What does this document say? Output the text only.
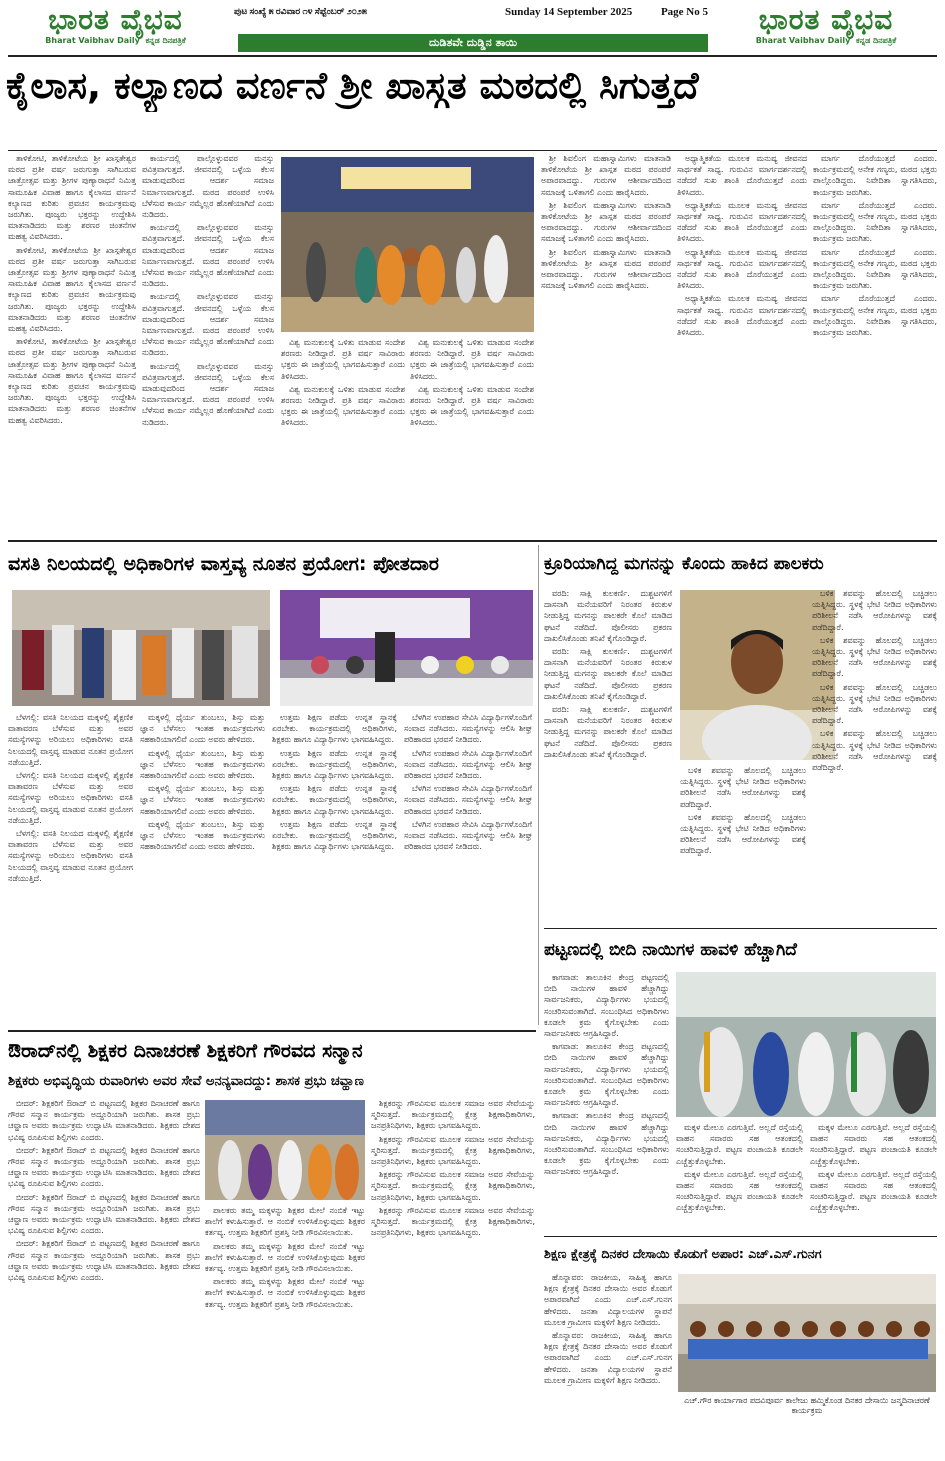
ಭಾರತ ವೈಭವ
Bharat Vaibhav Daily ಕನ್ನಡ ದಿನಪತ್ರಿಕೆ
ಪುಟ ಸಂಖ್ಯೆ ೫ ರವಿವಾರ ೧೪ ಸೆಪ್ಟೆಂಬರ್ ೨೦೨೫	Sunday 14 September 2025	Page No 5
ದುಡಿತವೇ ದುಡ್ಡಿನ ತಾಯಿ
ಭಾರತ ವೈಭವ
Bharat Vaibhav Daily ಕನ್ನಡ ದಿನಪತ್ರಿಕೆ
ಕೈಲಾಸ, ಕಲ್ಯಾಣದ ವರ್ಣನೆ ಶ್ರೀ ಖಾಸ್ಗತ ಮಠದಲ್ಲಿ ಸಿಗುತ್ತದೆ

ತಾಳಿಕೋಟಿ, ತಾಳಿಕೋಟೆಯ ಶ್ರೀ ಖಾಸ್ಗತೇಶ್ವರ ಮಠದ ಪ್ರತೀ ವರ್ಷ ಜರುಗುತ್ತಾ ಸಾಗಿಬರುವ ಜಾತ್ರೋತ್ಸವ ಮತ್ತು ಶ್ರೀಗಳ ಪುಣ್ಯಾರಾಧನೆ ನಿಮಿತ್ತ ಸಾಮೂಹಿಕ ವಿವಾಹ ಹಾಗೂ ಕೈಲಾಸದ ವರ್ಣನೆ ಕಲ್ಯಾಣದ ಕುರಿತು ಪ್ರವಚನ ಕಾರ್ಯಕ್ರಮವು ಜರುಗಿತು. ಪೂಜ್ಯರು ಭಕ್ತರನ್ನು ಉದ್ದೇಶಿಸಿ ಮಾತನಾಡಿದರು ಮತ್ತು ಶರಣರ ಚಿಂತನೆಗಳ ಮಹತ್ವ ವಿವರಿಸಿದರು.

ತಾಳಿಕೋಟಿ, ತಾಳಿಕೋಟೆಯ ಶ್ರೀ ಖಾಸ್ಗತೇಶ್ವರ ಮಠದ ಪ್ರತೀ ವರ್ಷ ಜರುಗುತ್ತಾ ಸಾಗಿಬರುವ ಜಾತ್ರೋತ್ಸವ ಮತ್ತು ಶ್ರೀಗಳ ಪುಣ್ಯಾರಾಧನೆ ನಿಮಿತ್ತ ಸಾಮೂಹಿಕ ವಿವಾಹ ಹಾಗೂ ಕೈಲಾಸದ ವರ್ಣನೆ ಕಲ್ಯಾಣದ ಕುರಿತು ಪ್ರವಚನ ಕಾರ್ಯಕ್ರಮವು ಜರುಗಿತು. ಪೂಜ್ಯರು ಭಕ್ತರನ್ನು ಉದ್ದೇಶಿಸಿ ಮಾತನಾಡಿದರು ಮತ್ತು ಶರಣರ ಚಿಂತನೆಗಳ ಮಹತ್ವ ವಿವರಿಸಿದರು.

ತಾಳಿಕೋಟಿ, ತಾಳಿಕೋಟೆಯ ಶ್ರೀ ಖಾಸ್ಗತೇಶ್ವರ ಮಠದ ಪ್ರತೀ ವರ್ಷ ಜರುಗುತ್ತಾ ಸಾಗಿಬರುವ ಜಾತ್ರೋತ್ಸವ ಮತ್ತು ಶ್ರೀಗಳ ಪುಣ್ಯಾರಾಧನೆ ನಿಮಿತ್ತ ಸಾಮೂಹಿಕ ವಿವಾಹ ಹಾಗೂ ಕೈಲಾಸದ ವರ್ಣನೆ ಕಲ್ಯಾಣದ ಕುರಿತು ಪ್ರವಚನ ಕಾರ್ಯಕ್ರಮವು ಜರುಗಿತು. ಪೂಜ್ಯರು ಭಕ್ತರನ್ನು ಉದ್ದೇಶಿಸಿ ಮಾತನಾಡಿದರು ಮತ್ತು ಶರಣರ ಚಿಂತನೆಗಳ ಮಹತ್ವ ವಿವರಿಸಿದರು.

ಕಾರ್ಯದಲ್ಲಿ ಪಾಲ್ಗೊಳ್ಳುವವರ ಮನಸ್ಸು ಪವಿತ್ರವಾಗುತ್ತದೆ. ಜೀವನದಲ್ಲಿ ಒಳ್ಳೆಯ ಕೆಲಸ ಮಾಡುವುದರಿಂದ ಆದರ್ಶ ಸಮಾಜ ನಿರ್ಮಾಣವಾಗುತ್ತದೆ. ಮಠದ ಪರಂಪರೆ ಉಳಿಸಿ ಬೆಳೆಸುವ ಕಾರ್ಯ ನಮ್ಮೆಲ್ಲರ ಹೊಣೆಯಾಗಿದೆ ಎಂದು ನುಡಿದರು.

ಕಾರ್ಯದಲ್ಲಿ ಪಾಲ್ಗೊಳ್ಳುವವರ ಮನಸ್ಸು ಪವಿತ್ರವಾಗುತ್ತದೆ. ಜೀವನದಲ್ಲಿ ಒಳ್ಳೆಯ ಕೆಲಸ ಮಾಡುವುದರಿಂದ ಆದರ್ಶ ಸಮಾಜ ನಿರ್ಮಾಣವಾಗುತ್ತದೆ. ಮಠದ ಪರಂಪರೆ ಉಳಿಸಿ ಬೆಳೆಸುವ ಕಾರ್ಯ ನಮ್ಮೆಲ್ಲರ ಹೊಣೆಯಾಗಿದೆ ಎಂದು ನುಡಿದರು.

ಕಾರ್ಯದಲ್ಲಿ ಪಾಲ್ಗೊಳ್ಳುವವರ ಮನಸ್ಸು ಪವಿತ್ರವಾಗುತ್ತದೆ. ಜೀವನದಲ್ಲಿ ಒಳ್ಳೆಯ ಕೆಲಸ ಮಾಡುವುದರಿಂದ ಆದರ್ಶ ಸಮಾಜ ನಿರ್ಮಾಣವಾಗುತ್ತದೆ. ಮಠದ ಪರಂಪರೆ ಉಳಿಸಿ ಬೆಳೆಸುವ ಕಾರ್ಯ ನಮ್ಮೆಲ್ಲರ ಹೊಣೆಯಾಗಿದೆ ಎಂದು ನುಡಿದರು.

ಕಾರ್ಯದಲ್ಲಿ ಪಾಲ್ಗೊಳ್ಳುವವರ ಮನಸ್ಸು ಪವಿತ್ರವಾಗುತ್ತದೆ. ಜೀವನದಲ್ಲಿ ಒಳ್ಳೆಯ ಕೆಲಸ ಮಾಡುವುದರಿಂದ ಆದರ್ಶ ಸಮಾಜ ನಿರ್ಮಾಣವಾಗುತ್ತದೆ. ಮಠದ ಪರಂಪರೆ ಉಳಿಸಿ ಬೆಳೆಸುವ ಕಾರ್ಯ ನಮ್ಮೆಲ್ಲರ ಹೊಣೆಯಾಗಿದೆ ಎಂದು ನುಡಿದರು.

ವಿಶ್ವ ಮನುಕುಲಕ್ಕೆ ಒಳಿತು ಮಾಡುವ ಸಂದೇಶ ಶರಣರು ನೀಡಿದ್ದಾರೆ. ಪ್ರತಿ ವರ್ಷ ಸಾವಿರಾರು ಭಕ್ತರು ಈ ಜಾತ್ರೆಯಲ್ಲಿ ಭಾಗವಹಿಸುತ್ತಾರೆ ಎಂದು ತಿಳಿಸಿದರು.

ವಿಶ್ವ ಮನುಕುಲಕ್ಕೆ ಒಳಿತು ಮಾಡುವ ಸಂದೇಶ ಶರಣರು ನೀಡಿದ್ದಾರೆ. ಪ್ರತಿ ವರ್ಷ ಸಾವಿರಾರು ಭಕ್ತರು ಈ ಜಾತ್ರೆಯಲ್ಲಿ ಭಾಗವಹಿಸುತ್ತಾರೆ ಎಂದು ತಿಳಿಸಿದರು.

ವಿಶ್ವ ಮನುಕುಲಕ್ಕೆ ಒಳಿತು ಮಾಡುವ ಸಂದೇಶ ಶರಣರು ನೀಡಿದ್ದಾರೆ. ಪ್ರತಿ ವರ್ಷ ಸಾವಿರಾರು ಭಕ್ತರು ಈ ಜಾತ್ರೆಯಲ್ಲಿ ಭಾಗವಹಿಸುತ್ತಾರೆ ಎಂದು ತಿಳಿಸಿದರು.

ವಿಶ್ವ ಮನುಕುಲಕ್ಕೆ ಒಳಿತು ಮಾಡುವ ಸಂದೇಶ ಶರಣರು ನೀಡಿದ್ದಾರೆ. ಪ್ರತಿ ವರ್ಷ ಸಾವಿರಾರು ಭಕ್ತರು ಈ ಜಾತ್ರೆಯಲ್ಲಿ ಭಾಗವಹಿಸುತ್ತಾರೆ ಎಂದು ತಿಳಿಸಿದರು.

ಶ್ರೀ ಶಿವಲಿಂಗ ಮಹಾಸ್ವಾಮಿಗಳು ಮಾತನಾಡಿ ತಾಳಿಕೋಟೆಯ ಶ್ರೀ ಖಾಸ್ಗತ ಮಠದ ಪರಂಪರೆ ಅಪಾರವಾದದ್ದು. ಗುರುಗಳ ಆಶೀರ್ವಾದದಿಂದ ಸಮಾಜಕ್ಕೆ ಒಳಿತಾಗಲಿ ಎಂದು ಹಾರೈಸಿದರು.

ಶ್ರೀ ಶಿವಲಿಂಗ ಮಹಾಸ್ವಾಮಿಗಳು ಮಾತನಾಡಿ ತಾಳಿಕೋಟೆಯ ಶ್ರೀ ಖಾಸ್ಗತ ಮಠದ ಪರಂಪರೆ ಅಪಾರವಾದದ್ದು. ಗುರುಗಳ ಆಶೀರ್ವಾದದಿಂದ ಸಮಾಜಕ್ಕೆ ಒಳಿತಾಗಲಿ ಎಂದು ಹಾರೈಸಿದರು.

ಶ್ರೀ ಶಿವಲಿಂಗ ಮಹಾಸ್ವಾಮಿಗಳು ಮಾತನಾಡಿ ತಾಳಿಕೋಟೆಯ ಶ್ರೀ ಖಾಸ್ಗತ ಮಠದ ಪರಂಪರೆ ಅಪಾರವಾದದ್ದು. ಗುರುಗಳ ಆಶೀರ್ವಾದದಿಂದ ಸಮಾಜಕ್ಕೆ ಒಳಿತಾಗಲಿ ಎಂದು ಹಾರೈಸಿದರು.

ಅಧ್ಯಾತ್ಮಿಕತೆಯ ಮೂಲಕ ಮನುಷ್ಯ ಜೀವನದ ಸಾರ್ಥಕತೆ ಸಾಧ್ಯ. ಗುರುವಿನ ಮಾರ್ಗದರ್ಶನದಲ್ಲಿ ನಡೆದರೆ ಸುಖ ಶಾಂತಿ ದೊರೆಯುತ್ತದೆ ಎಂದು ತಿಳಿಸಿದರು.

ಅಧ್ಯಾತ್ಮಿಕತೆಯ ಮೂಲಕ ಮನುಷ್ಯ ಜೀವನದ ಸಾರ್ಥಕತೆ ಸಾಧ್ಯ. ಗುರುವಿನ ಮಾರ್ಗದರ್ಶನದಲ್ಲಿ ನಡೆದರೆ ಸುಖ ಶಾಂತಿ ದೊರೆಯುತ್ತದೆ ಎಂದು ತಿಳಿಸಿದರು.

ಅಧ್ಯಾತ್ಮಿಕತೆಯ ಮೂಲಕ ಮನುಷ್ಯ ಜೀವನದ ಸಾರ್ಥಕತೆ ಸಾಧ್ಯ. ಗುರುವಿನ ಮಾರ್ಗದರ್ಶನದಲ್ಲಿ ನಡೆದರೆ ಸುಖ ಶಾಂತಿ ದೊರೆಯುತ್ತದೆ ಎಂದು ತಿಳಿಸಿದರು.

ಅಧ್ಯಾತ್ಮಿಕತೆಯ ಮೂಲಕ ಮನುಷ್ಯ ಜೀವನದ ಸಾರ್ಥಕತೆ ಸಾಧ್ಯ. ಗುರುವಿನ ಮಾರ್ಗದರ್ಶನದಲ್ಲಿ ನಡೆದರೆ ಸುಖ ಶಾಂತಿ ದೊರೆಯುತ್ತದೆ ಎಂದು ತಿಳಿಸಿದರು.

ಮಾರ್ಗ ದೊರೆಯುತ್ತದೆ ಎಂದರು. ಕಾರ್ಯಕ್ರಮದಲ್ಲಿ ಅನೇಕ ಗಣ್ಯರು, ಮಠದ ಭಕ್ತರು ಪಾಲ್ಗೊಂಡಿದ್ದರು. ನಿವೇದಿತಾ ಸ್ವಾಗತಿಸಿದರು, ಕಾರ್ಯಕ್ರಮ ಜರುಗಿತು.

ಮಾರ್ಗ ದೊರೆಯುತ್ತದೆ ಎಂದರು. ಕಾರ್ಯಕ್ರಮದಲ್ಲಿ ಅನೇಕ ಗಣ್ಯರು, ಮಠದ ಭಕ್ತರು ಪಾಲ್ಗೊಂಡಿದ್ದರು. ನಿವೇದಿತಾ ಸ್ವಾಗತಿಸಿದರು, ಕಾರ್ಯಕ್ರಮ ಜರುಗಿತು.

ಮಾರ್ಗ ದೊರೆಯುತ್ತದೆ ಎಂದರು. ಕಾರ್ಯಕ್ರಮದಲ್ಲಿ ಅನೇಕ ಗಣ್ಯರು, ಮಠದ ಭಕ್ತರು ಪಾಲ್ಗೊಂಡಿದ್ದರು. ನಿವೇದಿತಾ ಸ್ವಾಗತಿಸಿದರು, ಕಾರ್ಯಕ್ರಮ ಜರುಗಿತು.

ಮಾರ್ಗ ದೊರೆಯುತ್ತದೆ ಎಂದರು. ಕಾರ್ಯಕ್ರಮದಲ್ಲಿ ಅನೇಕ ಗಣ್ಯರು, ಮಠದ ಭಕ್ತರು ಪಾಲ್ಗೊಂಡಿದ್ದರು. ನಿವೇದಿತಾ ಸ್ವಾಗತಿಸಿದರು, ಕಾರ್ಯಕ್ರಮ ಜರುಗಿತು.

ವಸತಿ ನಿಲಯದಲ್ಲಿ ಅಧಿಕಾರಿಗಳ ವಾಸ್ತವ್ಯ ನೂತನ ಪ್ರಯೋಗ: ಪೋತದಾರ

ಬೆಳಗಲ್ಲಿ: ವಸತಿ ನಿಲಯದ ಮಕ್ಕಳಲ್ಲಿ ಶೈಕ್ಷಣಿಕ ವಾತಾವರಣ ಬೆಳೆಸುವ ಮತ್ತು ಅವರ ಸಮಸ್ಯೆಗಳನ್ನು ಅರಿಯಲು ಅಧಿಕಾರಿಗಳು ವಸತಿ ನಿಲಯದಲ್ಲಿ ವಾಸ್ತವ್ಯ ಮಾಡುವ ನೂತನ ಪ್ರಯೋಗ ನಡೆಯುತ್ತಿದೆ.

ಬೆಳಗಲ್ಲಿ: ವಸತಿ ನಿಲಯದ ಮಕ್ಕಳಲ್ಲಿ ಶೈಕ್ಷಣಿಕ ವಾತಾವರಣ ಬೆಳೆಸುವ ಮತ್ತು ಅವರ ಸಮಸ್ಯೆಗಳನ್ನು ಅರಿಯಲು ಅಧಿಕಾರಿಗಳು ವಸತಿ ನಿಲಯದಲ್ಲಿ ವಾಸ್ತವ್ಯ ಮಾಡುವ ನೂತನ ಪ್ರಯೋಗ ನಡೆಯುತ್ತಿದೆ.

ಬೆಳಗಲ್ಲಿ: ವಸತಿ ನಿಲಯದ ಮಕ್ಕಳಲ್ಲಿ ಶೈಕ್ಷಣಿಕ ವಾತಾವರಣ ಬೆಳೆಸುವ ಮತ್ತು ಅವರ ಸಮಸ್ಯೆಗಳನ್ನು ಅರಿಯಲು ಅಧಿಕಾರಿಗಳು ವಸತಿ ನಿಲಯದಲ್ಲಿ ವಾಸ್ತವ್ಯ ಮಾಡುವ ನೂತನ ಪ್ರಯೋಗ ನಡೆಯುತ್ತಿದೆ.

ಮಕ್ಕಳಲ್ಲಿ ಧೈರ್ಯ ತುಂಬಲು, ಶಿಸ್ತು ಮತ್ತು ಜ್ಞಾನ ಬೆಳೆಸಲು ಇಂತಹ ಕಾರ್ಯಕ್ರಮಗಳು ಸಹಕಾರಿಯಾಗಲಿವೆ ಎಂದು ಅವರು ಹೇಳಿದರು.

ಮಕ್ಕಳಲ್ಲಿ ಧೈರ್ಯ ತುಂಬಲು, ಶಿಸ್ತು ಮತ್ತು ಜ್ಞಾನ ಬೆಳೆಸಲು ಇಂತಹ ಕಾರ್ಯಕ್ರಮಗಳು ಸಹಕಾರಿಯಾಗಲಿವೆ ಎಂದು ಅವರು ಹೇಳಿದರು.

ಮಕ್ಕಳಲ್ಲಿ ಧೈರ್ಯ ತುಂಬಲು, ಶಿಸ್ತು ಮತ್ತು ಜ್ಞಾನ ಬೆಳೆಸಲು ಇಂತಹ ಕಾರ್ಯಕ್ರಮಗಳು ಸಹಕಾರಿಯಾಗಲಿವೆ ಎಂದು ಅವರು ಹೇಳಿದರು.

ಮಕ್ಕಳಲ್ಲಿ ಧೈರ್ಯ ತುಂಬಲು, ಶಿಸ್ತು ಮತ್ತು ಜ್ಞಾನ ಬೆಳೆಸಲು ಇಂತಹ ಕಾರ್ಯಕ್ರಮಗಳು ಸಹಕಾರಿಯಾಗಲಿವೆ ಎಂದು ಅವರು ಹೇಳಿದರು.

ಉತ್ತಮ ಶಿಕ್ಷಣ ಪಡೆದು ಉನ್ನತ ಸ್ಥಾನಕ್ಕೆ ಏರಬೇಕು. ಕಾರ್ಯಕ್ರಮದಲ್ಲಿ ಅಧಿಕಾರಿಗಳು, ಶಿಕ್ಷಕರು ಹಾಗೂ ವಿದ್ಯಾರ್ಥಿಗಳು ಭಾಗವಹಿಸಿದ್ದರು.

ಉತ್ತಮ ಶಿಕ್ಷಣ ಪಡೆದು ಉನ್ನತ ಸ್ಥಾನಕ್ಕೆ ಏರಬೇಕು. ಕಾರ್ಯಕ್ರಮದಲ್ಲಿ ಅಧಿಕಾರಿಗಳು, ಶಿಕ್ಷಕರು ಹಾಗೂ ವಿದ್ಯಾರ್ಥಿಗಳು ಭಾಗವಹಿಸಿದ್ದರು.

ಉತ್ತಮ ಶಿಕ್ಷಣ ಪಡೆದು ಉನ್ನತ ಸ್ಥಾನಕ್ಕೆ ಏರಬೇಕು. ಕಾರ್ಯಕ್ರಮದಲ್ಲಿ ಅಧಿಕಾರಿಗಳು, ಶಿಕ್ಷಕರು ಹಾಗೂ ವಿದ್ಯಾರ್ಥಿಗಳು ಭಾಗವಹಿಸಿದ್ದರು.

ಉತ್ತಮ ಶಿಕ್ಷಣ ಪಡೆದು ಉನ್ನತ ಸ್ಥಾನಕ್ಕೆ ಏರಬೇಕು. ಕಾರ್ಯಕ್ರಮದಲ್ಲಿ ಅಧಿಕಾರಿಗಳು, ಶಿಕ್ಷಕರು ಹಾಗೂ ವಿದ್ಯಾರ್ಥಿಗಳು ಭಾಗವಹಿಸಿದ್ದರು.

ಬೆಳಗಿನ ಉಪಹಾರ ಸೇವಿಸಿ ವಿದ್ಯಾರ್ಥಿಗಳೊಂದಿಗೆ ಸಂವಾದ ನಡೆಸಿದರು. ಸಮಸ್ಯೆಗಳನ್ನು ಆಲಿಸಿ ಶೀಘ್ರ ಪರಿಹಾರದ ಭರವಸೆ ನೀಡಿದರು.

ಬೆಳಗಿನ ಉಪಹಾರ ಸೇವಿಸಿ ವಿದ್ಯಾರ್ಥಿಗಳೊಂದಿಗೆ ಸಂವಾದ ನಡೆಸಿದರು. ಸಮಸ್ಯೆಗಳನ್ನು ಆಲಿಸಿ ಶೀಘ್ರ ಪರಿಹಾರದ ಭರವಸೆ ನೀಡಿದರು.

ಬೆಳಗಿನ ಉಪಹಾರ ಸೇವಿಸಿ ವಿದ್ಯಾರ್ಥಿಗಳೊಂದಿಗೆ ಸಂವಾದ ನಡೆಸಿದರು. ಸಮಸ್ಯೆಗಳನ್ನು ಆಲಿಸಿ ಶೀಘ್ರ ಪರಿಹಾರದ ಭರವಸೆ ನೀಡಿದರು.

ಬೆಳಗಿನ ಉಪಹಾರ ಸೇವಿಸಿ ವಿದ್ಯಾರ್ಥಿಗಳೊಂದಿಗೆ ಸಂವಾದ ನಡೆಸಿದರು. ಸಮಸ್ಯೆಗಳನ್ನು ಆಲಿಸಿ ಶೀಘ್ರ ಪರಿಹಾರದ ಭರವಸೆ ನೀಡಿದರು.

ಕ್ರೂರಿಯಾಗಿದ್ದ ಮಗನನ್ನು ಕೊಂದು ಹಾಕಿದ ಪಾಲಕರು

ವರದಿ: ಸಾಕ್ಷಿ ಕುಲಕರ್ಣಿ. ದುಶ್ಚಟಗಳಿಗೆ ದಾಸನಾಗಿ ಮನೆಯವರಿಗೆ ನಿರಂತರ ಕಿರುಕುಳ ನೀಡುತ್ತಿದ್ದ ಮಗನನ್ನು ಪಾಲಕರೇ ಕೊಲೆ ಮಾಡಿದ ಘಟನೆ ನಡೆದಿದೆ. ಪೊಲೀಸರು ಪ್ರಕರಣ ದಾಖಲಿಸಿಕೊಂಡು ತನಿಖೆ ಕೈಗೊಂಡಿದ್ದಾರೆ.

ವರದಿ: ಸಾಕ್ಷಿ ಕುಲಕರ್ಣಿ. ದುಶ್ಚಟಗಳಿಗೆ ದಾಸನಾಗಿ ಮನೆಯವರಿಗೆ ನಿರಂತರ ಕಿರುಕುಳ ನೀಡುತ್ತಿದ್ದ ಮಗನನ್ನು ಪಾಲಕರೇ ಕೊಲೆ ಮಾಡಿದ ಘಟನೆ ನಡೆದಿದೆ. ಪೊಲೀಸರು ಪ್ರಕರಣ ದಾಖಲಿಸಿಕೊಂಡು ತನಿಖೆ ಕೈಗೊಂಡಿದ್ದಾರೆ.

ವರದಿ: ಸಾಕ್ಷಿ ಕುಲಕರ್ಣಿ. ದುಶ್ಚಟಗಳಿಗೆ ದಾಸನಾಗಿ ಮನೆಯವರಿಗೆ ನಿರಂತರ ಕಿರುಕುಳ ನೀಡುತ್ತಿದ್ದ ಮಗನನ್ನು ಪಾಲಕರೇ ಕೊಲೆ ಮಾಡಿದ ಘಟನೆ ನಡೆದಿದೆ. ಪೊಲೀಸರು ಪ್ರಕರಣ ದಾಖಲಿಸಿಕೊಂಡು ತನಿಖೆ ಕೈಗೊಂಡಿದ್ದಾರೆ.

ಬಳಿಕ ಶವವನ್ನು ಹೊಲದಲ್ಲಿ ಬಚ್ಚಿಡಲು ಯತ್ನಿಸಿದ್ದರು. ಸ್ಥಳಕ್ಕೆ ಭೇಟಿ ನೀಡಿದ ಅಧಿಕಾರಿಗಳು ಪರಿಶೀಲನೆ ನಡೆಸಿ ಆರೋಪಿಗಳನ್ನು ವಶಕ್ಕೆ ಪಡೆದಿದ್ದಾರೆ.

ಬಳಿಕ ಶವವನ್ನು ಹೊಲದಲ್ಲಿ ಬಚ್ಚಿಡಲು ಯತ್ನಿಸಿದ್ದರು. ಸ್ಥಳಕ್ಕೆ ಭೇಟಿ ನೀಡಿದ ಅಧಿಕಾರಿಗಳು ಪರಿಶೀಲನೆ ನಡೆಸಿ ಆರೋಪಿಗಳನ್ನು ವಶಕ್ಕೆ ಪಡೆದಿದ್ದಾರೆ.

ಬಳಿಕ ಶವವನ್ನು ಹೊಲದಲ್ಲಿ ಬಚ್ಚಿಡಲು ಯತ್ನಿಸಿದ್ದರು. ಸ್ಥಳಕ್ಕೆ ಭೇಟಿ ನೀಡಿದ ಅಧಿಕಾರಿಗಳು ಪರಿಶೀಲನೆ ನಡೆಸಿ ಆರೋಪಿಗಳನ್ನು ವಶಕ್ಕೆ ಪಡೆದಿದ್ದಾರೆ.

ಬಳಿಕ ಶವವನ್ನು ಹೊಲದಲ್ಲಿ ಬಚ್ಚಿಡಲು ಯತ್ನಿಸಿದ್ದರು. ಸ್ಥಳಕ್ಕೆ ಭೇಟಿ ನೀಡಿದ ಅಧಿಕಾರಿಗಳು ಪರಿಶೀಲನೆ ನಡೆಸಿ ಆರೋಪಿಗಳನ್ನು ವಶಕ್ಕೆ ಪಡೆದಿದ್ದಾರೆ.

ಬಳಿಕ ಶವವನ್ನು ಹೊಲದಲ್ಲಿ ಬಚ್ಚಿಡಲು ಯತ್ನಿಸಿದ್ದರು. ಸ್ಥಳಕ್ಕೆ ಭೇಟಿ ನೀಡಿದ ಅಧಿಕಾರಿಗಳು ಪರಿಶೀಲನೆ ನಡೆಸಿ ಆರೋಪಿಗಳನ್ನು ವಶಕ್ಕೆ ಪಡೆದಿದ್ದಾರೆ.

ಬಳಿಕ ಶವವನ್ನು ಹೊಲದಲ್ಲಿ ಬಚ್ಚಿಡಲು ಯತ್ನಿಸಿದ್ದರು. ಸ್ಥಳಕ್ಕೆ ಭೇಟಿ ನೀಡಿದ ಅಧಿಕಾರಿಗಳು ಪರಿಶೀಲನೆ ನಡೆಸಿ ಆರೋಪಿಗಳನ್ನು ವಶಕ್ಕೆ ಪಡೆದಿದ್ದಾರೆ.

ಪಟ್ಟಣದಲ್ಲಿ ಬೀದಿ ನಾಯಿಗಳ ಹಾವಳಿ ಹೆಚ್ಚಾಗಿದೆ

ಕಾಗವಾಡ: ತಾಲೂಕಿನ ಕೇಂದ್ರ ಪಟ್ಟಣದಲ್ಲಿ ಬೀದಿ ನಾಯಿಗಳ ಹಾವಳಿ ಹೆಚ್ಚಾಗಿದ್ದು ಸಾರ್ವಜನಿಕರು, ವಿದ್ಯಾರ್ಥಿಗಳು ಭಯದಲ್ಲಿ ಸಂಚರಿಸುವಂತಾಗಿದೆ. ಸಂಬಂಧಿಸಿದ ಅಧಿಕಾರಿಗಳು ಕೂಡಲೇ ಕ್ರಮ ಕೈಗೊಳ್ಳಬೇಕು ಎಂದು ಸಾರ್ವಜನಿಕರು ಆಗ್ರಹಿಸಿದ್ದಾರೆ.

ಕಾಗವಾಡ: ತಾಲೂಕಿನ ಕೇಂದ್ರ ಪಟ್ಟಣದಲ್ಲಿ ಬೀದಿ ನಾಯಿಗಳ ಹಾವಳಿ ಹೆಚ್ಚಾಗಿದ್ದು ಸಾರ್ವಜನಿಕರು, ವಿದ್ಯಾರ್ಥಿಗಳು ಭಯದಲ್ಲಿ ಸಂಚರಿಸುವಂತಾಗಿದೆ. ಸಂಬಂಧಿಸಿದ ಅಧಿಕಾರಿಗಳು ಕೂಡಲೇ ಕ್ರಮ ಕೈಗೊಳ್ಳಬೇಕು ಎಂದು ಸಾರ್ವಜನಿಕರು ಆಗ್ರಹಿಸಿದ್ದಾರೆ.

ಕಾಗವಾಡ: ತಾಲೂಕಿನ ಕೇಂದ್ರ ಪಟ್ಟಣದಲ್ಲಿ ಬೀದಿ ನಾಯಿಗಳ ಹಾವಳಿ ಹೆಚ್ಚಾಗಿದ್ದು ಸಾರ್ವಜನಿಕರು, ವಿದ್ಯಾರ್ಥಿಗಳು ಭಯದಲ್ಲಿ ಸಂಚರಿಸುವಂತಾಗಿದೆ. ಸಂಬಂಧಿಸಿದ ಅಧಿಕಾರಿಗಳು ಕೂಡಲೇ ಕ್ರಮ ಕೈಗೊಳ್ಳಬೇಕು ಎಂದು ಸಾರ್ವಜನಿಕರು ಆಗ್ರಹಿಸಿದ್ದಾರೆ.

ಮಕ್ಕಳ ಮೇಲೂ ಎರಗುತ್ತಿವೆ. ಅಲ್ಲದೆ ರಸ್ತೆಯಲ್ಲಿ ವಾಹನ ಸವಾರರು ಸಹ ಆತಂಕದಲ್ಲಿ ಸಂಚರಿಸುತ್ತಿದ್ದಾರೆ. ಪಟ್ಟಣ ಪಂಚಾಯತಿ ಕೂಡಲೇ ಎಚ್ಚೆತ್ತುಕೊಳ್ಳಬೇಕು.

ಮಕ್ಕಳ ಮೇಲೂ ಎರಗುತ್ತಿವೆ. ಅಲ್ಲದೆ ರಸ್ತೆಯಲ್ಲಿ ವಾಹನ ಸವಾರರು ಸಹ ಆತಂಕದಲ್ಲಿ ಸಂಚರಿಸುತ್ತಿದ್ದಾರೆ. ಪಟ್ಟಣ ಪಂಚಾಯತಿ ಕೂಡಲೇ ಎಚ್ಚೆತ್ತುಕೊಳ್ಳಬೇಕು.

ಮಕ್ಕಳ ಮೇಲೂ ಎರಗುತ್ತಿವೆ. ಅಲ್ಲದೆ ರಸ್ತೆಯಲ್ಲಿ ವಾಹನ ಸವಾರರು ಸಹ ಆತಂಕದಲ್ಲಿ ಸಂಚರಿಸುತ್ತಿದ್ದಾರೆ. ಪಟ್ಟಣ ಪಂಚಾಯತಿ ಕೂಡಲೇ ಎಚ್ಚೆತ್ತುಕೊಳ್ಳಬೇಕು.

ಮಕ್ಕಳ ಮೇಲೂ ಎರಗುತ್ತಿವೆ. ಅಲ್ಲದೆ ರಸ್ತೆಯಲ್ಲಿ ವಾಹನ ಸವಾರರು ಸಹ ಆತಂಕದಲ್ಲಿ ಸಂಚರಿಸುತ್ತಿದ್ದಾರೆ. ಪಟ್ಟಣ ಪಂಚಾಯತಿ ಕೂಡಲೇ ಎಚ್ಚೆತ್ತುಕೊಳ್ಳಬೇಕು.

ಔರಾದ್‌ನಲ್ಲಿ ಶಿಕ್ಷಕರ ದಿನಾಚರಣೆ ಶಿಕ್ಷಕರಿಗೆ ಗೌರವದ ಸನ್ಮಾನ
ಶಿಕ್ಷಕರು ಅಭಿವೃದ್ಧಿಯ ರುವಾರಿಗಳು ಅವರ ಸೇವೆ ಅನನ್ಯವಾದದ್ದು: ಶಾಸಕ ಪ್ರಭು ಚವ್ಹಾಣ

ಬೀದರ್: ಶಿಕ್ಷಕರಿಗೆ ಔರಾದ್ ಬಿ ಪಟ್ಟಣದಲ್ಲಿ ಶಿಕ್ಷಕರ ದಿನಾಚರಣೆ ಹಾಗೂ ಗೌರವ ಸನ್ಮಾನ ಕಾರ್ಯಕ್ರಮ ಅದ್ದೂರಿಯಾಗಿ ಜರುಗಿತು. ಶಾಸಕ ಪ್ರಭು ಚವ್ಹಾಣ ಅವರು ಕಾರ್ಯಕ್ರಮ ಉದ್ಘಾಟಿಸಿ ಮಾತನಾಡಿದರು. ಶಿಕ್ಷಕರು ದೇಶದ ಭವಿಷ್ಯ ರೂಪಿಸುವ ಶಿಲ್ಪಿಗಳು ಎಂದರು.

ಬೀದರ್: ಶಿಕ್ಷಕರಿಗೆ ಔರಾದ್ ಬಿ ಪಟ್ಟಣದಲ್ಲಿ ಶಿಕ್ಷಕರ ದಿನಾಚರಣೆ ಹಾಗೂ ಗೌರವ ಸನ್ಮಾನ ಕಾರ್ಯಕ್ರಮ ಅದ್ದೂರಿಯಾಗಿ ಜರುಗಿತು. ಶಾಸಕ ಪ್ರಭು ಚವ್ಹಾಣ ಅವರು ಕಾರ್ಯಕ್ರಮ ಉದ್ಘಾಟಿಸಿ ಮಾತನಾಡಿದರು. ಶಿಕ್ಷಕರು ದೇಶದ ಭವಿಷ್ಯ ರೂಪಿಸುವ ಶಿಲ್ಪಿಗಳು ಎಂದರು.

ಬೀದರ್: ಶಿಕ್ಷಕರಿಗೆ ಔರಾದ್ ಬಿ ಪಟ್ಟಣದಲ್ಲಿ ಶಿಕ್ಷಕರ ದಿನಾಚರಣೆ ಹಾಗೂ ಗೌರವ ಸನ್ಮಾನ ಕಾರ್ಯಕ್ರಮ ಅದ್ದೂರಿಯಾಗಿ ಜರುಗಿತು. ಶಾಸಕ ಪ್ರಭು ಚವ್ಹಾಣ ಅವರು ಕಾರ್ಯಕ್ರಮ ಉದ್ಘಾಟಿಸಿ ಮಾತನಾಡಿದರು. ಶಿಕ್ಷಕರು ದೇಶದ ಭವಿಷ್ಯ ರೂಪಿಸುವ ಶಿಲ್ಪಿಗಳು ಎಂದರು.

ಬೀದರ್: ಶಿಕ್ಷಕರಿಗೆ ಔರಾದ್ ಬಿ ಪಟ್ಟಣದಲ್ಲಿ ಶಿಕ್ಷಕರ ದಿನಾಚರಣೆ ಹಾಗೂ ಗೌರವ ಸನ್ಮಾನ ಕಾರ್ಯಕ್ರಮ ಅದ್ದೂರಿಯಾಗಿ ಜರುಗಿತು. ಶಾಸಕ ಪ್ರಭು ಚವ್ಹಾಣ ಅವರು ಕಾರ್ಯಕ್ರಮ ಉದ್ಘಾಟಿಸಿ ಮಾತನಾಡಿದರು. ಶಿಕ್ಷಕರು ದೇಶದ ಭವಿಷ್ಯ ರೂಪಿಸುವ ಶಿಲ್ಪಿಗಳು ಎಂದರು.

ಪಾಲಕರು ತಮ್ಮ ಮಕ್ಕಳನ್ನು ಶಿಕ್ಷಕರ ಮೇಲೆ ನಂಬಿಕೆ ಇಟ್ಟು ಶಾಲೆಗೆ ಕಳುಹಿಸುತ್ತಾರೆ. ಆ ನಂಬಿಕೆ ಉಳಿಸಿಕೊಳ್ಳುವುದು ಶಿಕ್ಷಕರ ಕರ್ತವ್ಯ. ಉತ್ತಮ ಶಿಕ್ಷಕರಿಗೆ ಪ್ರಶಸ್ತಿ ನೀಡಿ ಗೌರವಿಸಲಾಯಿತು.

ಪಾಲಕರು ತಮ್ಮ ಮಕ್ಕಳನ್ನು ಶಿಕ್ಷಕರ ಮೇಲೆ ನಂಬಿಕೆ ಇಟ್ಟು ಶಾಲೆಗೆ ಕಳುಹಿಸುತ್ತಾರೆ. ಆ ನಂಬಿಕೆ ಉಳಿಸಿಕೊಳ್ಳುವುದು ಶಿಕ್ಷಕರ ಕರ್ತವ್ಯ. ಉತ್ತಮ ಶಿಕ್ಷಕರಿಗೆ ಪ್ರಶಸ್ತಿ ನೀಡಿ ಗೌರವಿಸಲಾಯಿತು.

ಪಾಲಕರು ತಮ್ಮ ಮಕ್ಕಳನ್ನು ಶಿಕ್ಷಕರ ಮೇಲೆ ನಂಬಿಕೆ ಇಟ್ಟು ಶಾಲೆಗೆ ಕಳುಹಿಸುತ್ತಾರೆ. ಆ ನಂಬಿಕೆ ಉಳಿಸಿಕೊಳ್ಳುವುದು ಶಿಕ್ಷಕರ ಕರ್ತವ್ಯ. ಉತ್ತಮ ಶಿಕ್ಷಕರಿಗೆ ಪ್ರಶಸ್ತಿ ನೀಡಿ ಗೌರವಿಸಲಾಯಿತು.

ಶಿಕ್ಷಕರನ್ನು ಗೌರವಿಸುವ ಮೂಲಕ ಸಮಾಜ ಅವರ ಸೇವೆಯನ್ನು ಸ್ಮರಿಸುತ್ತದೆ. ಕಾರ್ಯಕ್ರಮದಲ್ಲಿ ಕ್ಷೇತ್ರ ಶಿಕ್ಷಣಾಧಿಕಾರಿಗಳು, ಜನಪ್ರತಿನಿಧಿಗಳು, ಶಿಕ್ಷಕರು ಭಾಗವಹಿಸಿದ್ದರು.

ಶಿಕ್ಷಕರನ್ನು ಗೌರವಿಸುವ ಮೂಲಕ ಸಮಾಜ ಅವರ ಸೇವೆಯನ್ನು ಸ್ಮರಿಸುತ್ತದೆ. ಕಾರ್ಯಕ್ರಮದಲ್ಲಿ ಕ್ಷೇತ್ರ ಶಿಕ್ಷಣಾಧಿಕಾರಿಗಳು, ಜನಪ್ರತಿನಿಧಿಗಳು, ಶಿಕ್ಷಕರು ಭಾಗವಹಿಸಿದ್ದರು.

ಶಿಕ್ಷಕರನ್ನು ಗೌರವಿಸುವ ಮೂಲಕ ಸಮಾಜ ಅವರ ಸೇವೆಯನ್ನು ಸ್ಮರಿಸುತ್ತದೆ. ಕಾರ್ಯಕ್ರಮದಲ್ಲಿ ಕ್ಷೇತ್ರ ಶಿಕ್ಷಣಾಧಿಕಾರಿಗಳು, ಜನಪ್ರತಿನಿಧಿಗಳು, ಶಿಕ್ಷಕರು ಭಾಗವಹಿಸಿದ್ದರು.

ಶಿಕ್ಷಕರನ್ನು ಗೌರವಿಸುವ ಮೂಲಕ ಸಮಾಜ ಅವರ ಸೇವೆಯನ್ನು ಸ್ಮರಿಸುತ್ತದೆ. ಕಾರ್ಯಕ್ರಮದಲ್ಲಿ ಕ್ಷೇತ್ರ ಶಿಕ್ಷಣಾಧಿಕಾರಿಗಳು, ಜನಪ್ರತಿನಿಧಿಗಳು, ಶಿಕ್ಷಕರು ಭಾಗವಹಿಸಿದ್ದರು.

ಶಿಕ್ಷಣ ಕ್ಷೇತ್ರಕ್ಕೆ ದಿನಕರ ದೇಸಾಯಿ ಕೊಡುಗೆ ಅಪಾರ: ಎಚ್.ಎಸ್.ಗುನಗ

ಹೊನ್ನಾವರ: ರಾಜಕೀಯ, ಸಾಹಿತ್ಯ ಹಾಗೂ ಶಿಕ್ಷಣ ಕ್ಷೇತ್ರಕ್ಕೆ ದಿನಕರ ದೇಸಾಯಿ ಅವರ ಕೊಡುಗೆ ಅಪಾರವಾಗಿದೆ ಎಂದು ಎಚ್.ಎಸ್.ಗುನಗ ಹೇಳಿದರು. ಜನತಾ ವಿದ್ಯಾಲಯಗಳ ಸ್ಥಾಪನೆ ಮೂಲಕ ಗ್ರಾಮೀಣ ಮಕ್ಕಳಿಗೆ ಶಿಕ್ಷಣ ನೀಡಿದರು.

ಹೊನ್ನಾವರ: ರಾಜಕೀಯ, ಸಾಹಿತ್ಯ ಹಾಗೂ ಶಿಕ್ಷಣ ಕ್ಷೇತ್ರಕ್ಕೆ ದಿನಕರ ದೇಸಾಯಿ ಅವರ ಕೊಡುಗೆ ಅಪಾರವಾಗಿದೆ ಎಂದು ಎಚ್.ಎಸ್.ಗುನಗ ಹೇಳಿದರು. ಜನತಾ ವಿದ್ಯಾಲಯಗಳ ಸ್ಥಾಪನೆ ಮೂಲಕ ಗ್ರಾಮೀಣ ಮಕ್ಕಳಿಗೆ ಶಿಕ್ಷಣ ನೀಡಿದರು.

ಎಚ್.ಗೌರ ಕಾರ್ಯಾಗಾರ ಪದವಿಪೂರ್ವ ಕಾಲೇಜು ಹಮ್ಮಿಕೊಂಡ ದಿನಕರ ದೇಸಾಯಿ ಜನ್ಮದಿನಾಚರಣೆ ಕಾರ್ಯಕ್ರಮ
